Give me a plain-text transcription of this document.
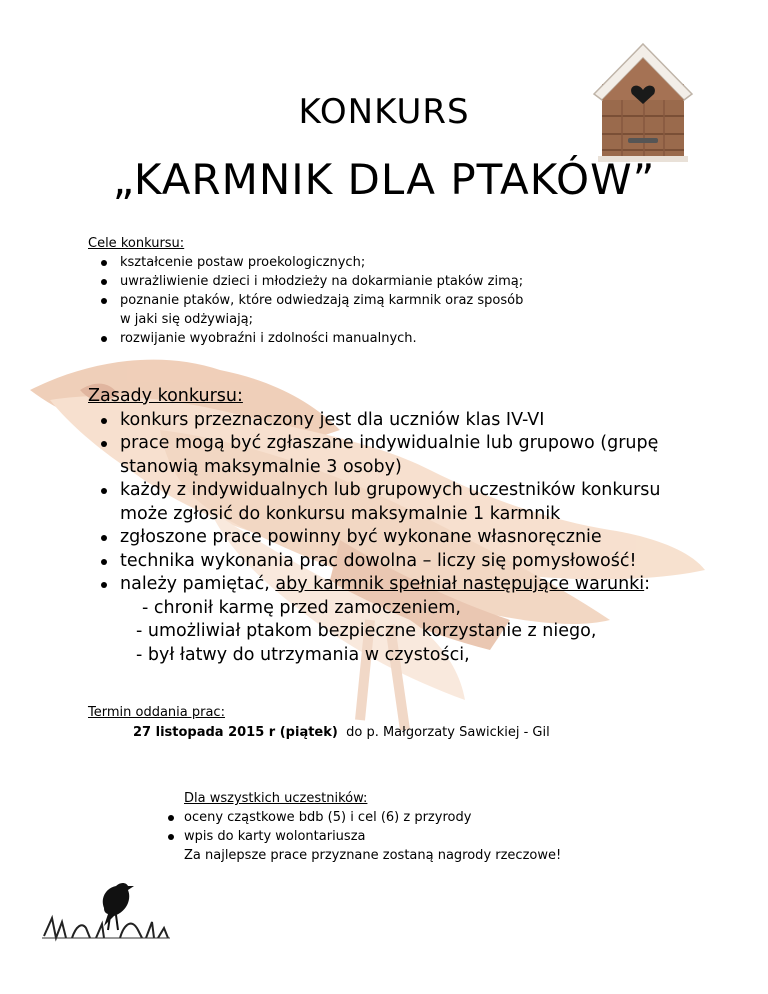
KONKURS
„KARMNIK DLA PTAKÓW”
Cele konkursu:
kształcenie postaw proekologicznych;
uwrażliwienie dzieci i młodzieży na dokarmianie ptaków zimą;
poznanie ptaków, które odwiedzają zimą karmnik oraz sposób
w jaki się odżywiają;
rozwijanie wyobraźni i zdolności manualnych.
Zasady konkursu:
konkurs przeznaczony jest dla uczniów klas IV-VI
prace mogą być zgłaszane indywidualnie lub grupowo (grupę
stanowią maksymalnie 3 osoby)
każdy z indywidualnych lub grupowych uczestników konkursu
może zgłosić do konkursu maksymalnie 1 karmnik
zgłoszone prace powinny być wykonane własnoręcznie
technika wykonania prac dowolna – liczy się pomysłowość!
należy pamiętać, aby karmnik spełniał następujące warunki:
- chronił karmę przed zamoczeniem,
- umożliwiał ptakom bezpieczne korzystanie z niego,
- był łatwy do utrzymania w czystości,
Termin oddania prac:
27 listopada 2015 r (piątek) do p. Małgorzaty Sawickiej - Gil
Dla wszystkich uczestników:
oceny cząstkowe bdb (5) i cel (6) z przyrody
wpis do karty wolontariusza
Za najlepsze prace przyznane zostaną nagrody rzeczowe!
